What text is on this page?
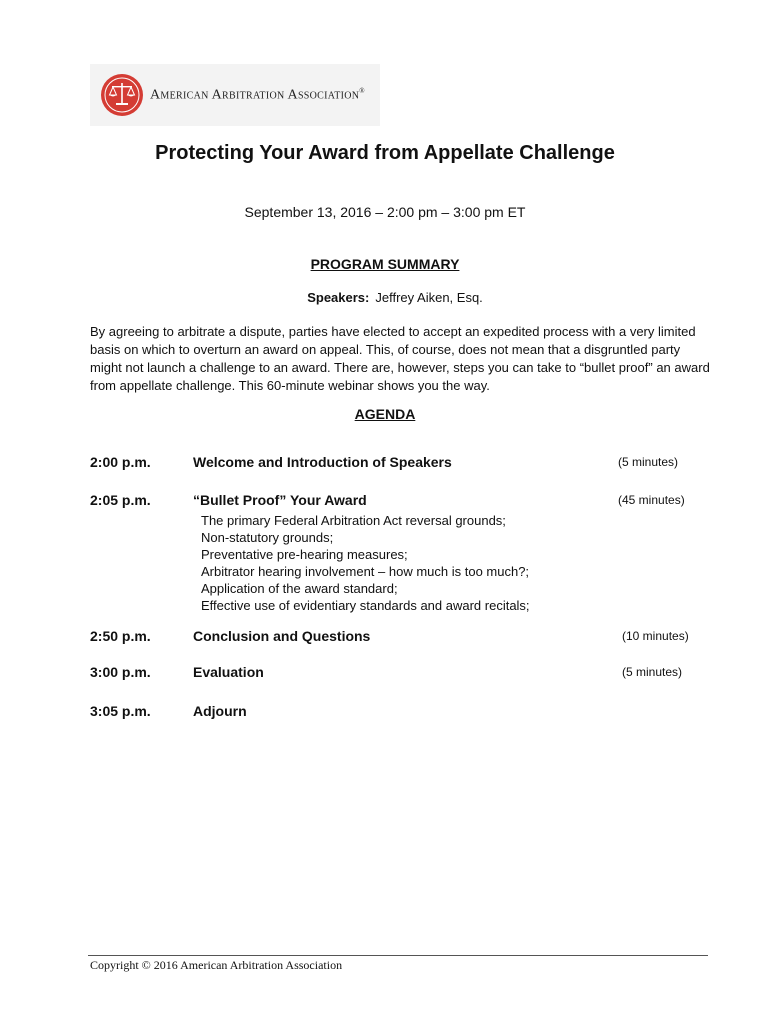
American Arbitration Association®
Protecting Your Award from Appellate Challenge
September 13, 2016 – 2:00 pm – 3:00 pm ET
PROGRAM SUMMARY
Speakers: Jeffrey Aiken, Esq.

By agreeing to arbitrate a dispute, parties have elected to accept an expedited process with a very limited basis on which to overturn an award on appeal. This, of course, does not mean that a disgruntled party might not launch a challenge to an award. There are, however, steps you can take to “bullet proof” an award from appellate challenge. This 60-minute webinar shows you the way.

AGENDA
2:00 p.m.	Welcome and Introduction of Speakers	(5 minutes)
2:05 p.m.	“Bullet Proof” Your Award	(45 minutes)
The primary Federal Arbitration Act reversal grounds;
Non-statutory grounds;
Preventative pre-hearing measures;
Arbitrator hearing involvement – how much is too much?;
Application of the award standard;
Effective use of evidentiary standards and award recitals;
2:50 p.m.	Conclusion and Questions	(10 minutes)
3:00 p.m.	Evaluation	(5 minutes)
3:05 p.m.	Adjourn
Copyright © 2016 American Arbitration Association
